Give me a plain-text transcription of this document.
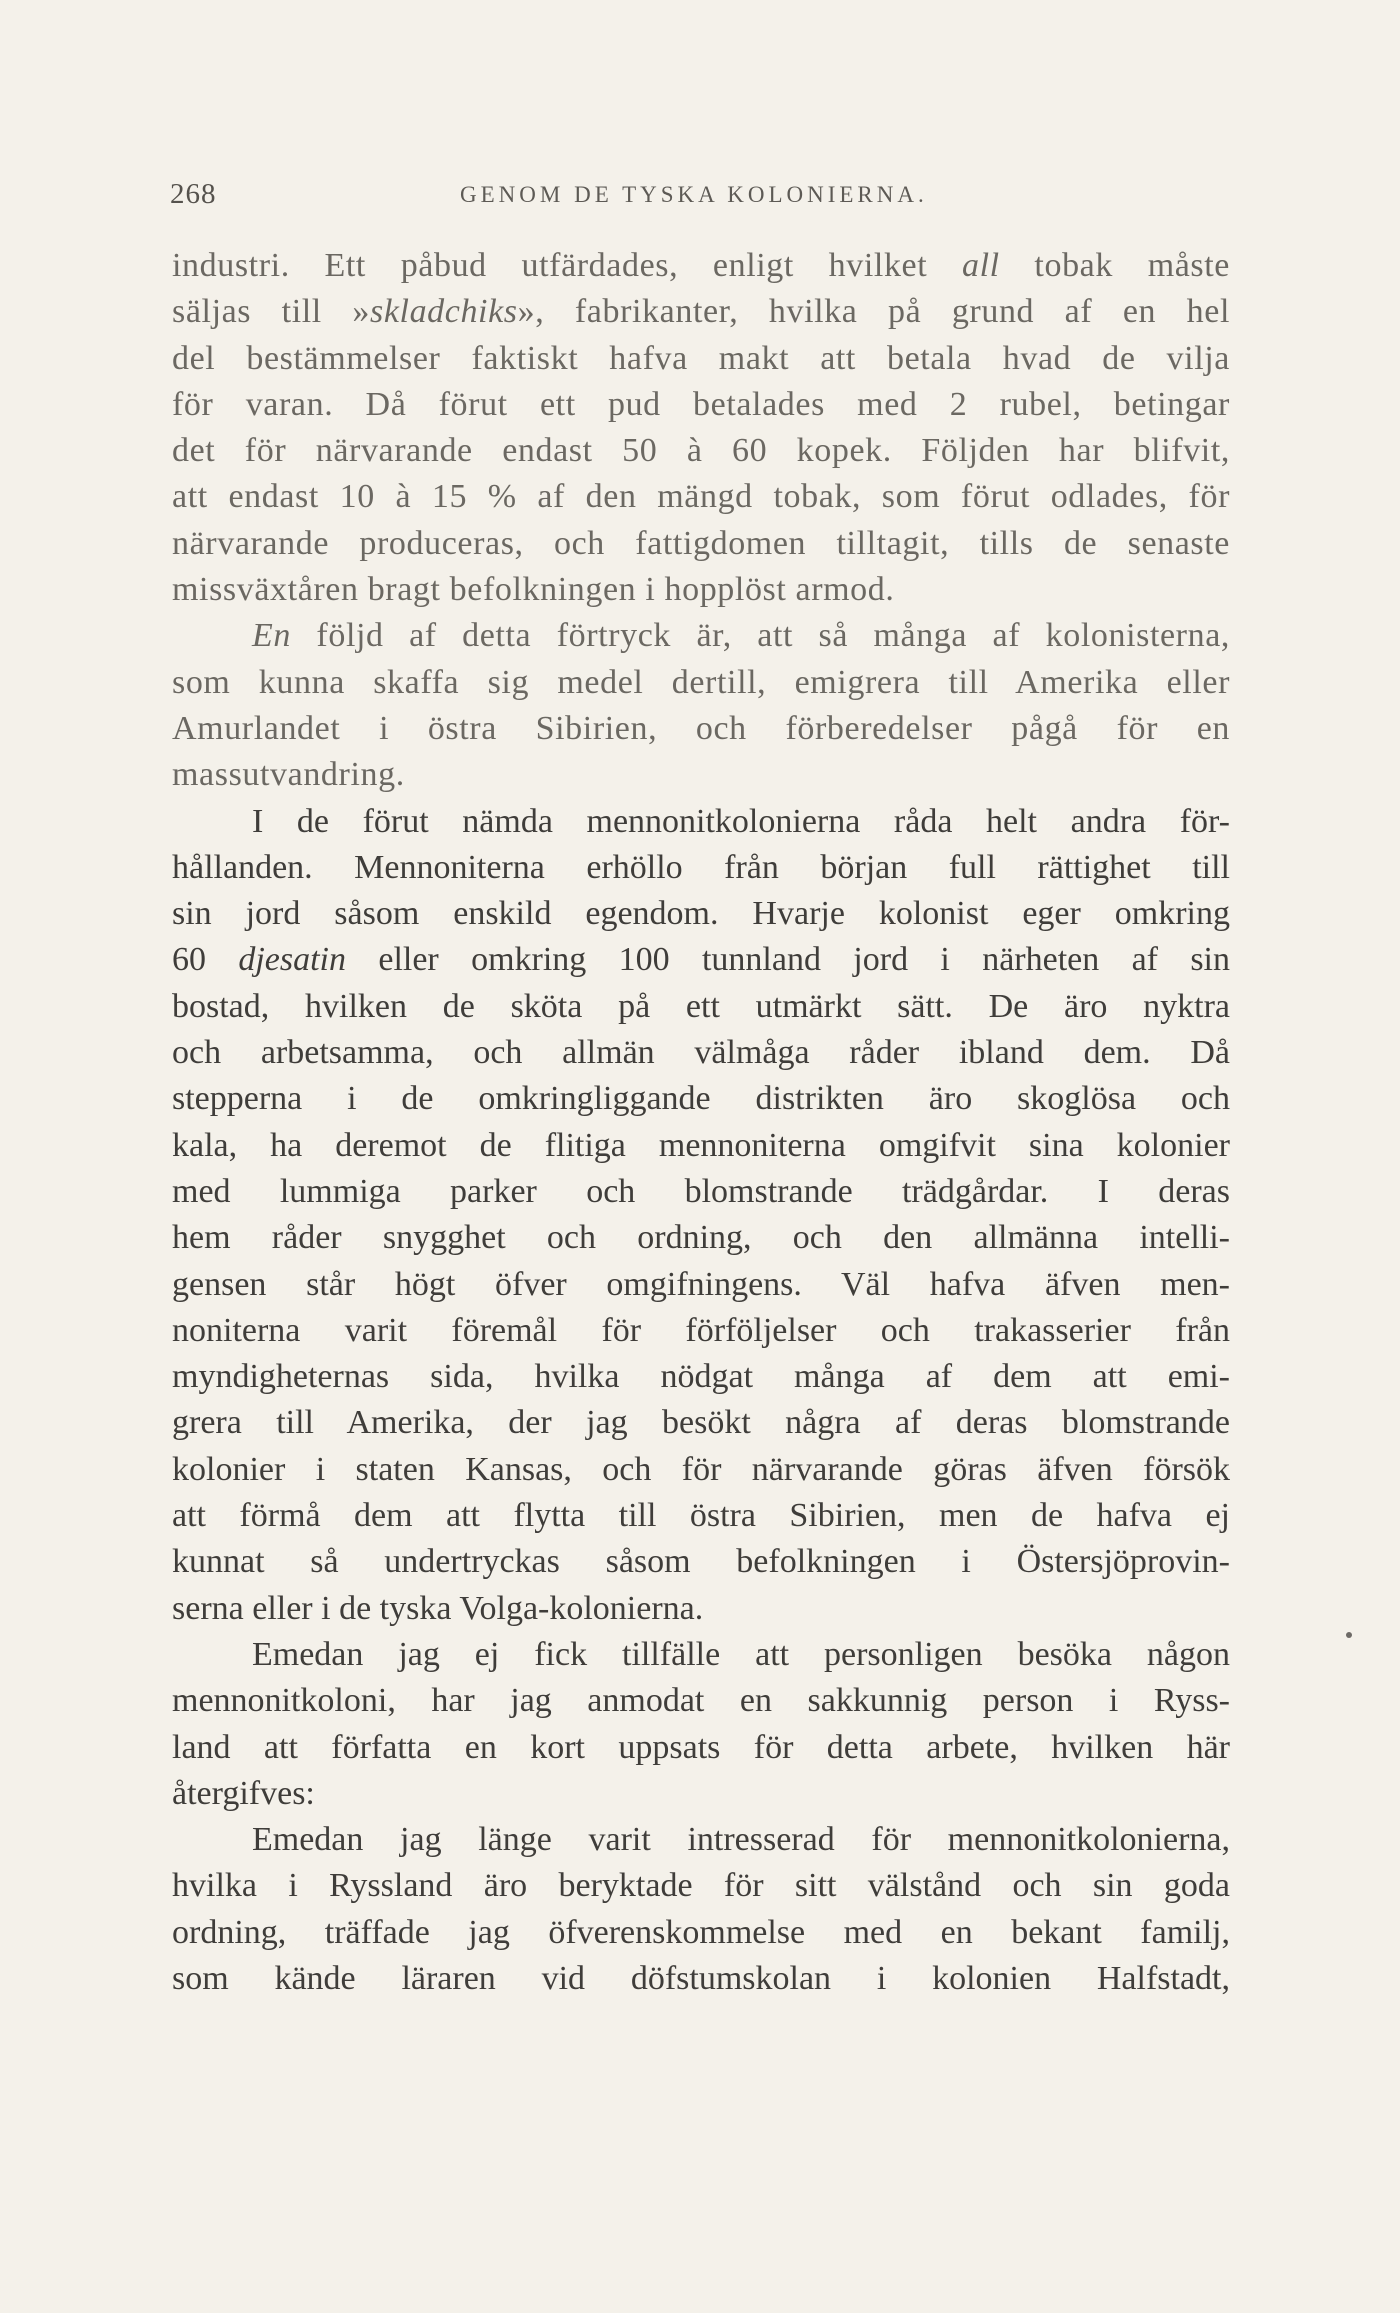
268	GENOM DE TYSKA KOLONIERNA.
industri. Ett påbud utfärdades, enligt hvilket all tobak måste
säljas till »skladchiks», fabrikanter, hvilka på grund af en hel
del bestämmelser faktiskt hafva makt att betala hvad de vilja
för varan. Då förut ett pud betalades med 2 rubel, betingar
det för närvarande endast 50 à 60 kopek. Följden har blifvit,
att endast 10 à 15 % af den mängd tobak, som förut odlades, för
närvarande produceras, och fattigdomen tilltagit, tills de senaste
missväxtåren bragt befolkningen i hopplöst armod.
En följd af detta förtryck är, att så många af kolonisterna,
som kunna skaffa sig medel dertill, emigrera till Amerika eller
Amurlandet i östra Sibirien, och förberedelser pågå för en
massutvandring.
I de förut nämda mennonitkolonierna råda helt andra för-
hållanden. Mennoniterna erhöllo från början full rättighet till
sin jord såsom enskild egendom. Hvarje kolonist eger omkring
60 djesatin eller omkring 100 tunnland jord i närheten af sin
bostad, hvilken de sköta på ett utmärkt sätt. De äro nyktra
och arbetsamma, och allmän välmåga råder ibland dem. Då
stepperna i de omkringliggande distrikten äro skoglösa och
kala, ha deremot de flitiga mennoniterna omgifvit sina kolonier
med lummiga parker och blomstrande trädgårdar. I deras
hem råder snygghet och ordning, och den allmänna intelli-
gensen står högt öfver omgifningens. Väl hafva äfven men-
noniterna varit föremål för förföljelser och trakasserier från
myndigheternas sida, hvilka nödgat många af dem att emi-
grera till Amerika, der jag besökt några af deras blomstrande
kolonier i staten Kansas, och för närvarande göras äfven försök
att förmå dem att flytta till östra Sibirien, men de hafva ej
kunnat så undertryckas såsom befolkningen i Östersjöprovin-
serna eller i de tyska Volga-kolonierna.
Emedan jag ej fick tillfälle att personligen besöka någon
mennonitkoloni, har jag anmodat en sakkunnig person i Ryss-
land att författa en kort uppsats för detta arbete, hvilken här
återgifves:
Emedan jag länge varit intresserad för mennonitkolonierna,
hvilka i Ryssland äro beryktade för sitt välstånd och sin goda
ordning, träffade jag öfverenskommelse med en bekant familj,
som kände läraren vid döfstumskolan i kolonien Halfstadt,
